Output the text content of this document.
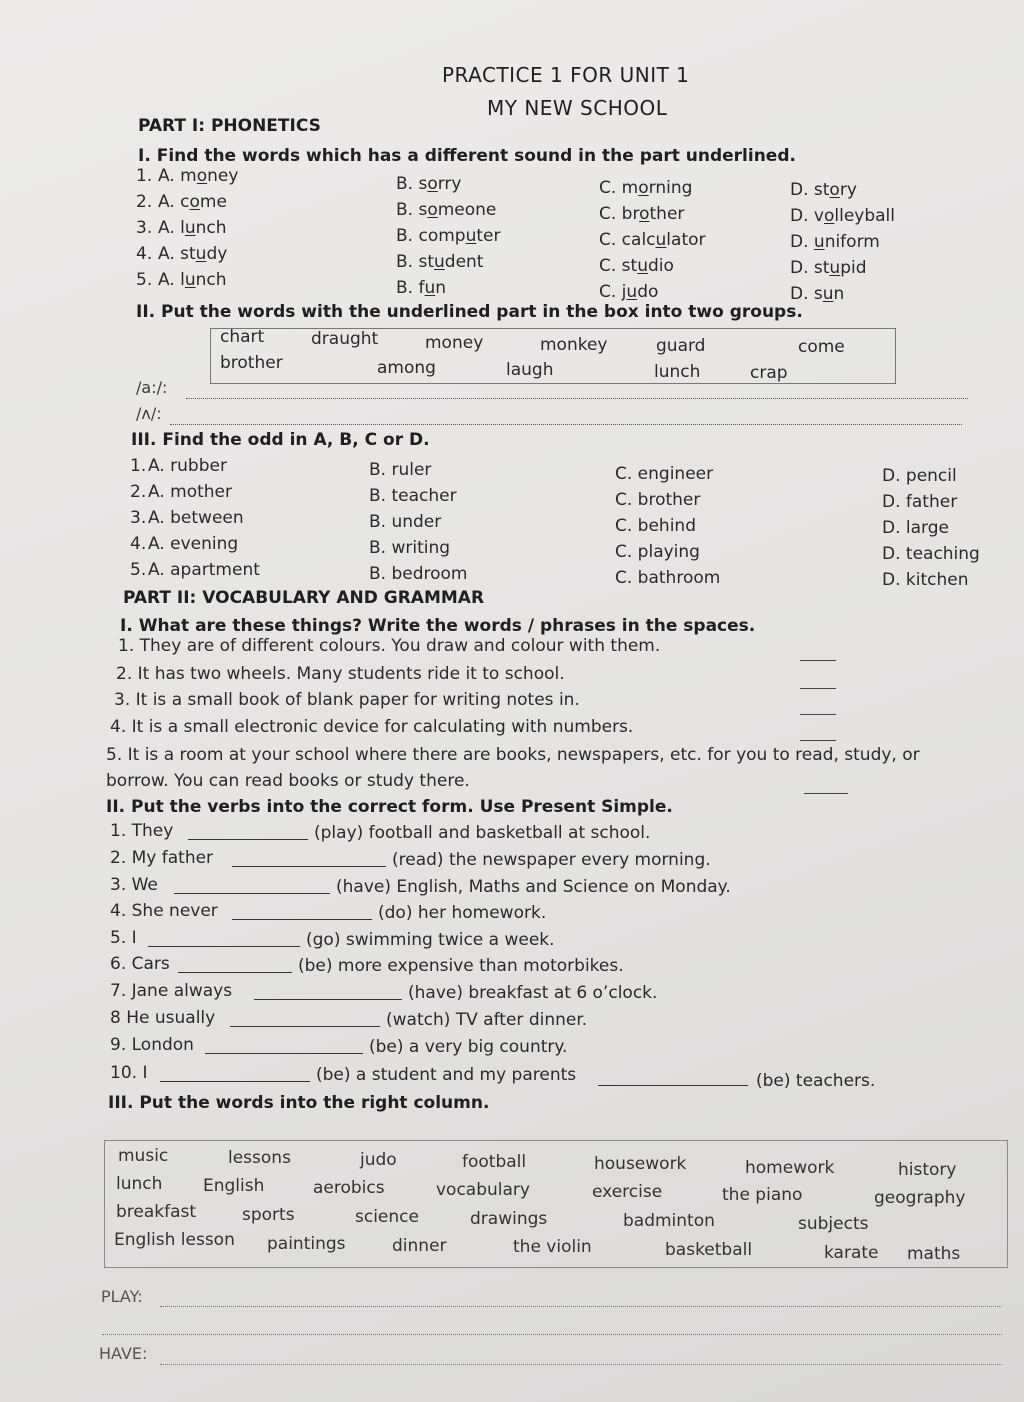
PRACTICE 1 FOR UNIT 1
MY NEW SCHOOL
PART I: PHONETICS
I. Find the words which has a different sound in the part underlined.
1. A. money	B. sorry	C. morning	D. story
2. A. come	B. someone	C. brother	D. volleyball
3. A. lunch	B. computer	C. calculator	D. uniform
4. A. study	B. student	C. studio	D. stupid
5. A. lunch	B. fun	C. judo	D. sun
II. Put the words with the underlined part in the box into two groups.
chart	draught	money	monkey	guard	come
brother	among	laugh	lunch	crap
/a:/:
/ʌ/:
III. Find the odd in A, B, C or D.
1. A. rubber	B. ruler	C. engineer	D. pencil
2. A. mother	B. teacher	C. brother	D. father
3. A. between	B. under	C. behind	D. large
4. A. evening	B. writing	C. playing	D. teaching
5. A. apartment	B. bedroom	C. bathroom	D. kitchen
PART II: VOCABULARY AND GRAMMAR
I. What are these things? Write the words / phrases in the spaces.
1. They are of different colours. You draw and colour with them.
2. It has two wheels. Many students ride it to school.
3. It is a small book of blank paper for writing notes in.
4. It is a small electronic device for calculating with numbers.
5. It is a room at your school where there are books, newspapers, etc. for you to read, study, or
borrow. You can read books or study there.
II. Put the verbs into the correct form. Use Present Simple.
1. They	(play) football and basketball at school.
2. My father	(read) the newspaper every morning.
3. We	(have) English, Maths and Science on Monday.
4. She never	(do) her homework.
5. I	(go) swimming twice a week.
6. Cars	(be) more expensive than motorbikes.
7. Jane always	(have) breakfast at 6 o’clock.
8 He usually	(watch) TV after dinner.
9. London	(be) a very big country.
10. I	(be) a student and my parents	(be) teachers.
III. Put the words into the right column.
music	lessons	judo	football	housework	homework	history
lunch English	aerobics	vocabulary	exercise	the piano	geography
breakfast	sports	science	drawings	badminton	subjects
English lesson paintings	dinner	the violin	basketball	karate maths
PLAY:
HAVE:
